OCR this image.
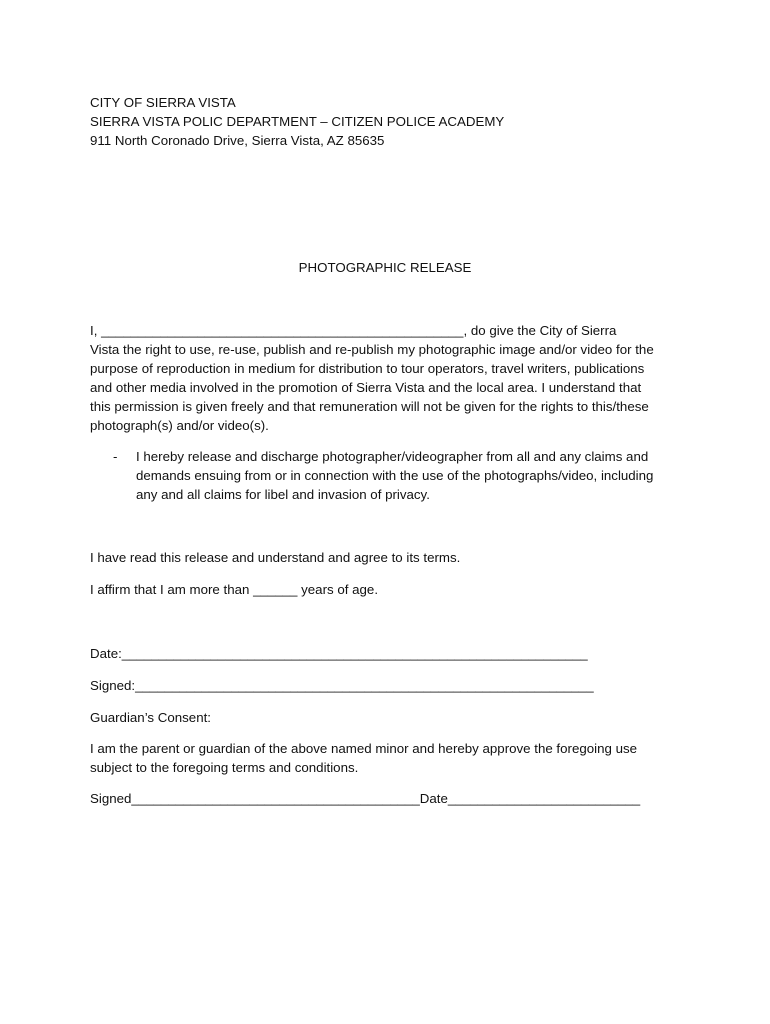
CITY OF SIERRA VISTA
SIERRA VISTA POLIC DEPARTMENT – CITIZEN POLICE ACADEMY
911 North Coronado Drive, Sierra Vista, AZ 85635
PHOTOGRAPHIC RELEASE

I, _________________________________________________, do give the City of Sierra

Vista the right to use, re-use, publish and re-publish my photographic image and/or video for the

purpose of reproduction in medium for distribution to tour operators, travel writers, publications

and other media involved in the promotion of Sierra Vista and the local area. I understand that

this permission is given freely and that remuneration will not be given for the rights to this/these

photograph(s) and/or video(s).

- I hereby release and discharge photographer/videographer from all and any claims and
demands ensuing from or in connection with the use of the photographs/video, including
any and all claims for libel and invasion of privacy.
I have read this release and understand and agree to its terms.
I affirm that I am more than ______ years of age.
Date:_______________________________________________________________
Signed:______________________________________________________________
Guardian’s Consent:

I am the parent or guardian of the above named minor and hereby approve the foregoing use

subject to the foregoing terms and conditions.

Signed_______________________________________Date__________________________
